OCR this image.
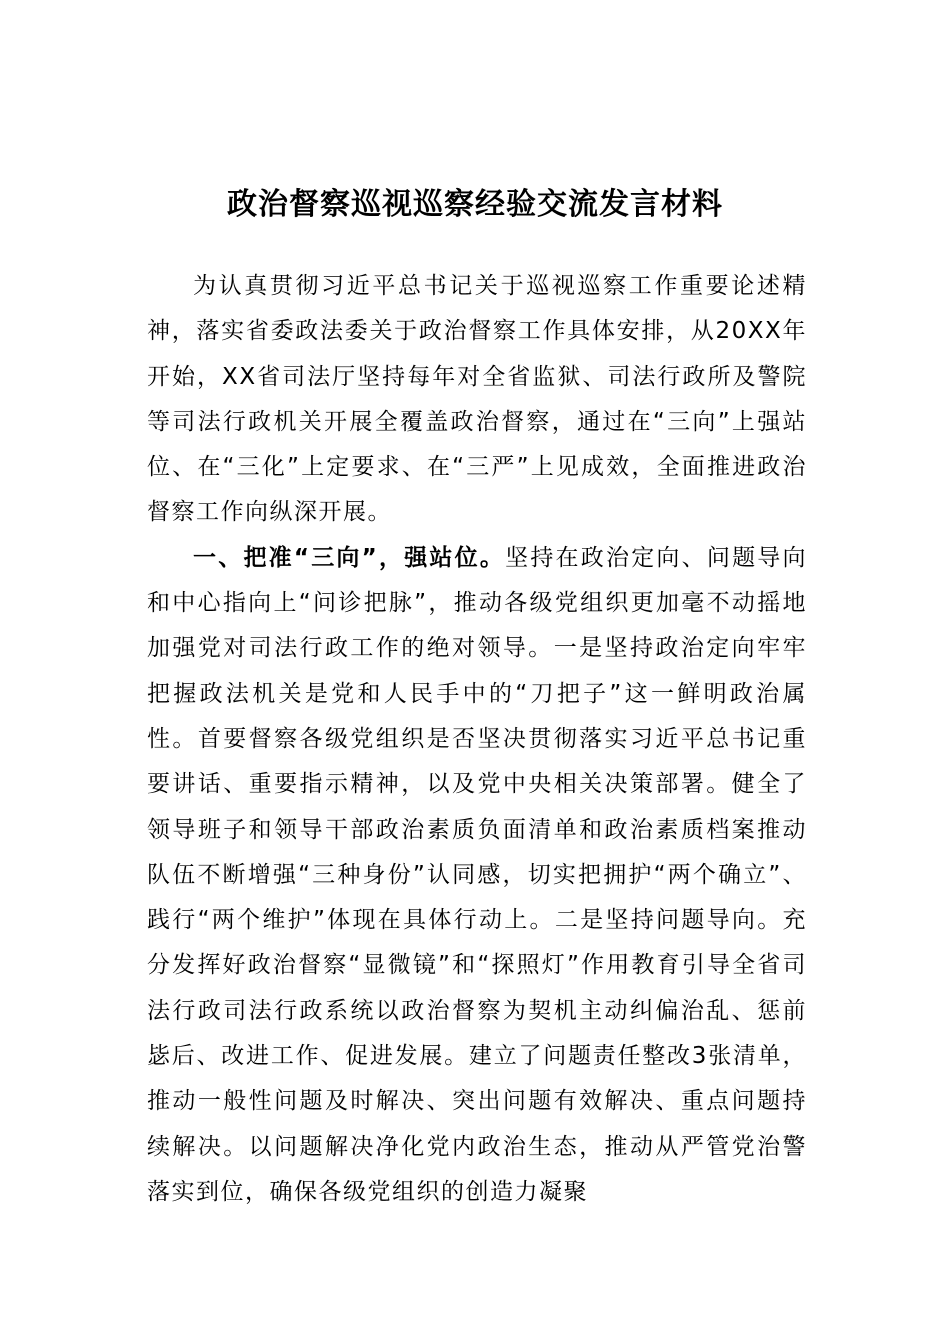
政治督察巡视巡察经验交流发言材料

为认真贯彻习近平总书记关于巡视巡察工作重要论述精神，落实省委政法委关于政治督察工作具体安排，从20XX年开始，XX省司法厅坚持每年对全省监狱、司法行政所及警院等司法行政机关开展全覆盖政治督察，通过在“三向”上强站位、在“三化”上定要求、在“三严”上见成效，全面推进政治督察工作向纵深开展。

一、把准“三向”，强站位。坚持在政治定向、问题导向和中心指向上“问诊把脉”，推动各级党组织更加毫不动摇地加强党对司法行政工作的绝对领导。一是坚持政治定向牢牢把握政法机关是党和人民手中的“刀把子”这一鲜明政治属性。首要督察各级党组织是否坚决贯彻落实习近平总书记重要讲话、重要指示精神，以及党中央相关决策部署。健全了领导班子和领导干部政治素质负面清单和政治素质档案推动队伍不断增强“三种身份”认同感，切实把拥护“两个确立”、践行“两个维护”体现在具体行动上。二是坚持问题导向。充分发挥好政治督察“显微镜”和“探照灯”作用教育引导全省司法行政司法行政系统以政治督察为契机主动纠偏治乱、惩前毖后、改进工作、促进发展。建立了问题责任整改3张清单，推动一般性问题及时解决、突出问题有效解决、重点问题持续解决。以问题解决净化党内政治生态，推动从严管党治警落实到位，确保各级党组织的创造力凝聚
